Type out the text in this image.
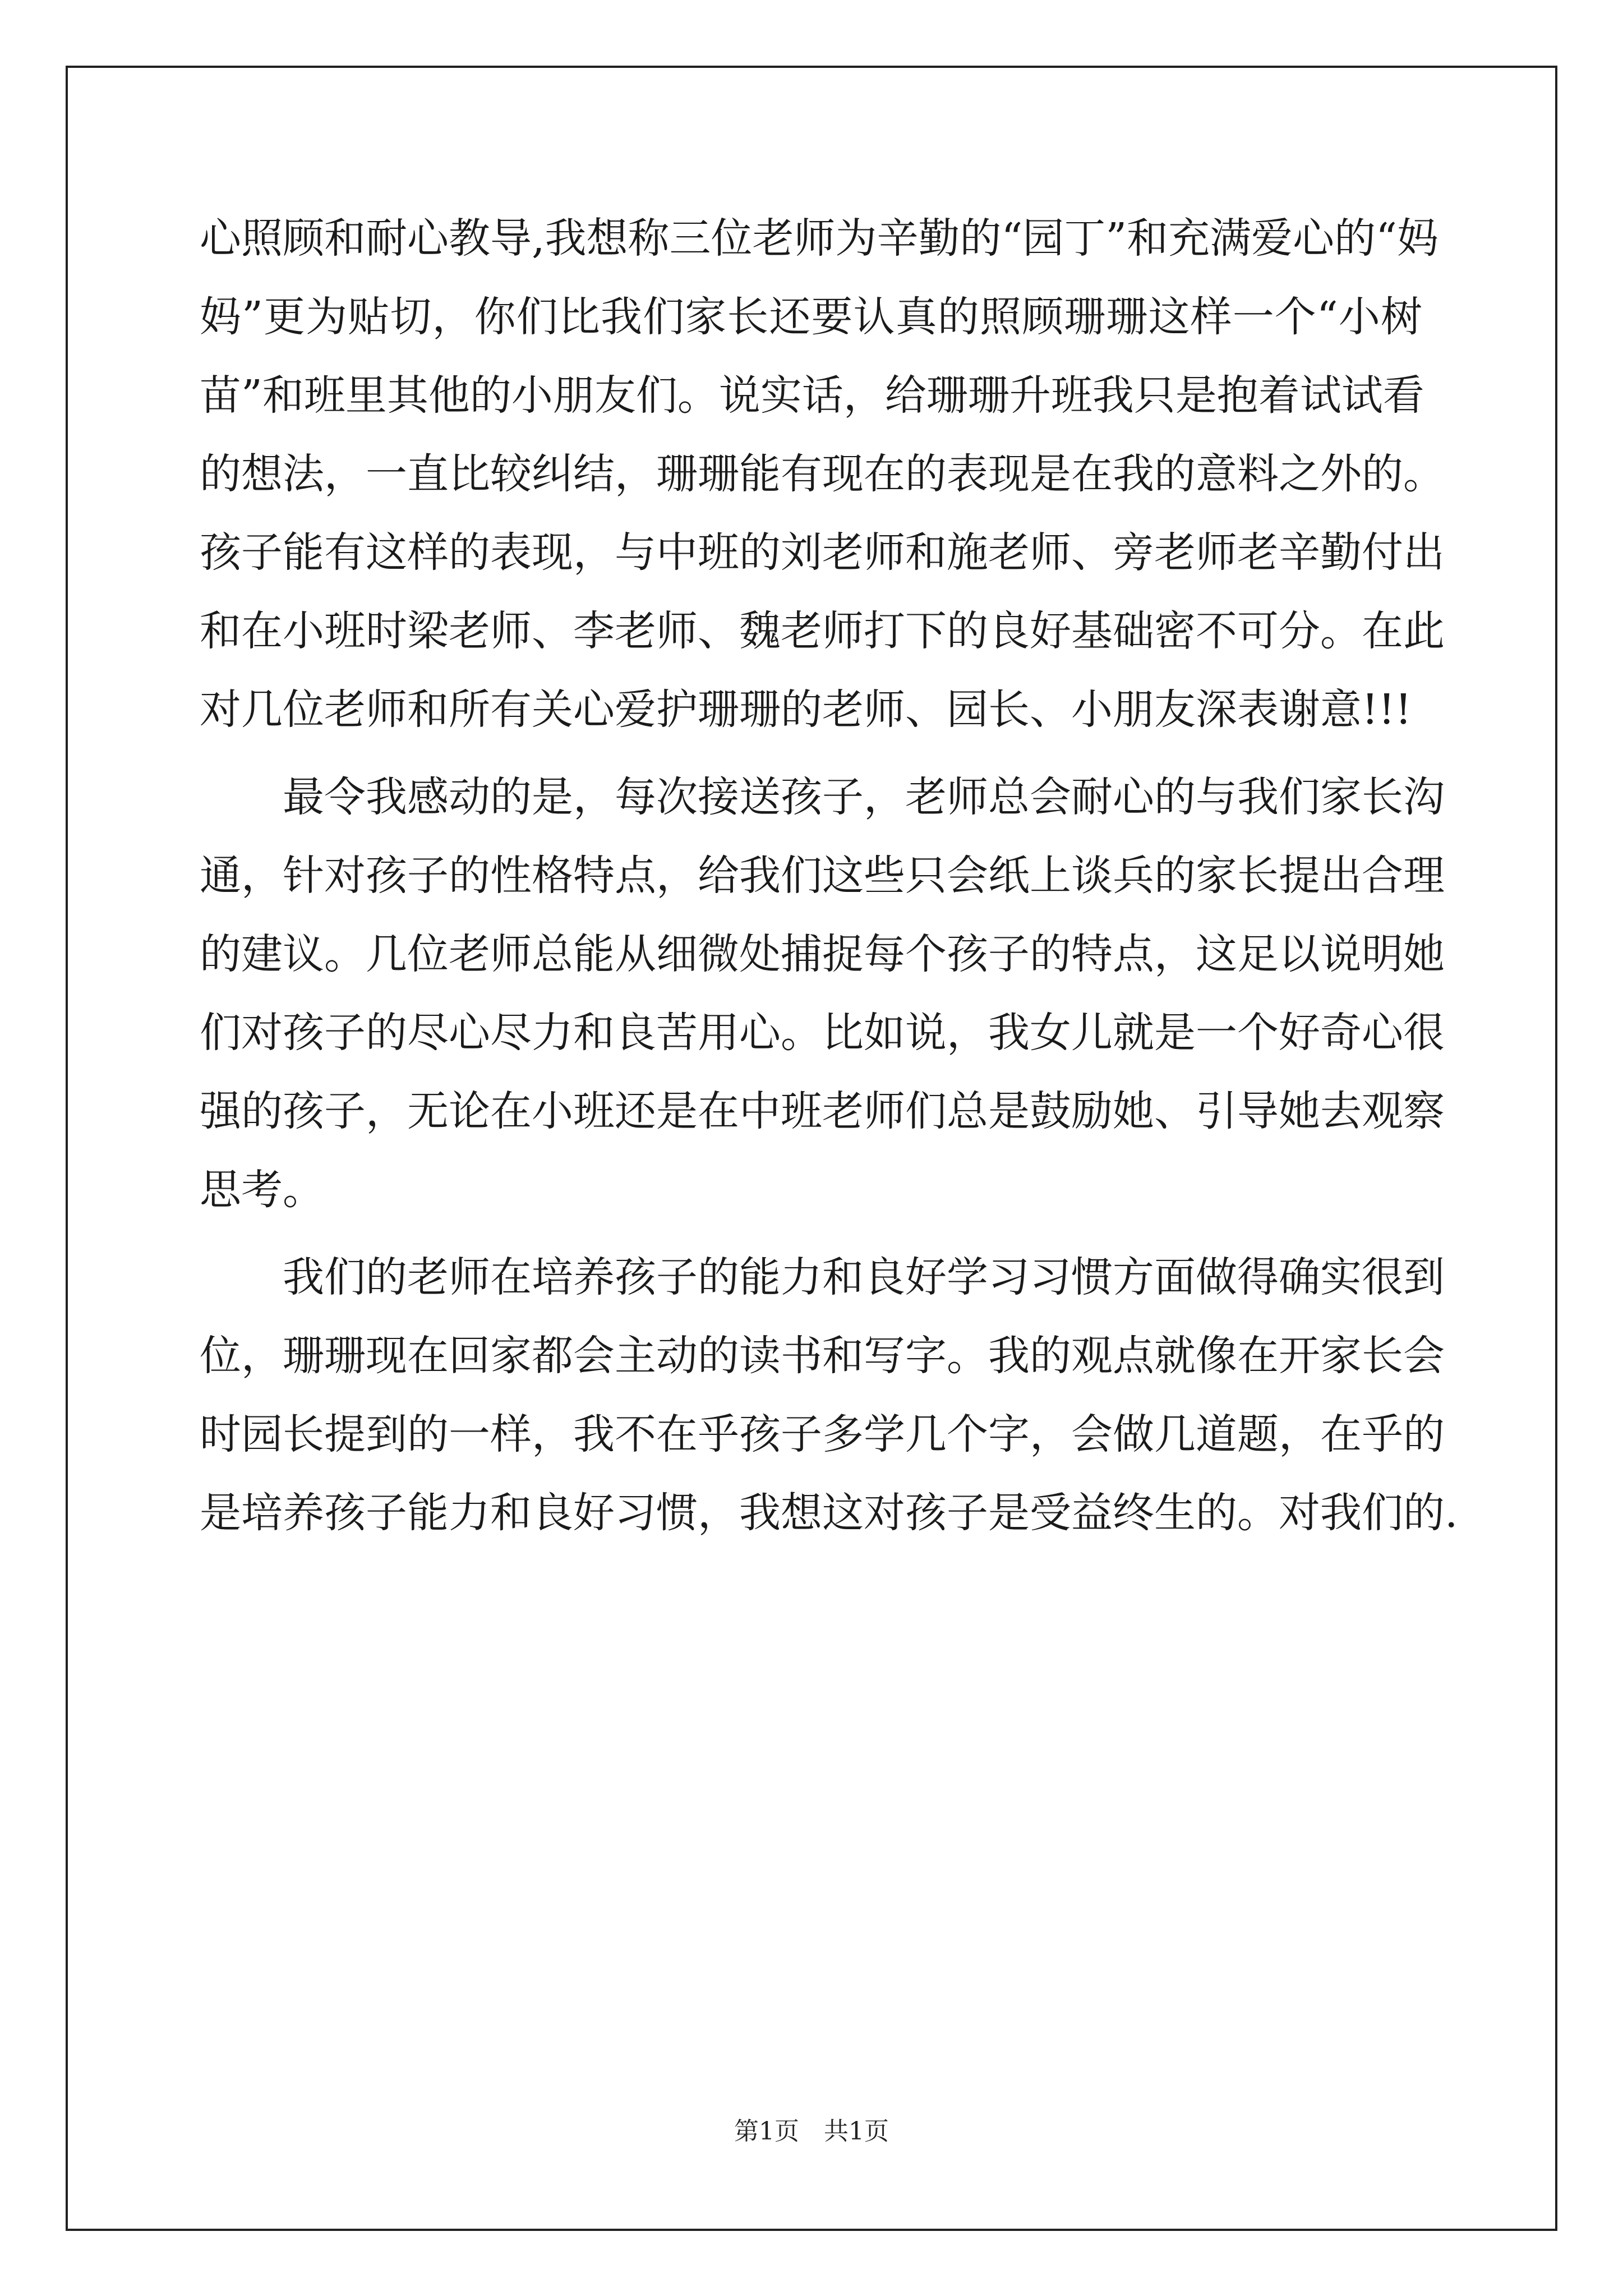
心照顾和耐心教导,我想称三位老师为辛勤的“园丁”和充满爱心的“妈
妈”更为贴切，你们比我们家长还要认真的照顾珊珊这样一个“小树
苗”和班里其他的小朋友们。说实话，给珊珊升班我只是抱着试试看
的想法，一直比较纠结，珊珊能有现在的表现是在我的意料之外的。
孩子能有这样的表现，与中班的刘老师和施老师、旁老师老辛勤付出
和在小班时梁老师、李老师、魏老师打下的良好基础密不可分。在此
对几位老师和所有关心爱护珊珊的老师、园长、小朋友深表谢意!!!
　　最令我感动的是，每次接送孩子，老师总会耐心的与我们家长沟
通，针对孩子的性格特点，给我们这些只会纸上谈兵的家长提出合理
的建议。几位老师总能从细微处捕捉每个孩子的特点，这足以说明她
们对孩子的尽心尽力和良苦用心。比如说，我女儿就是一个好奇心很
强的孩子，无论在小班还是在中班老师们总是鼓励她、引导她去观察
思考。
　　我们的老师在培养孩子的能力和良好学习习惯方面做得确实很到
位，珊珊现在回家都会主动的读书和写字。我的观点就像在开家长会
时园长提到的一样，我不在乎孩子多学几个字，会做几道题，在乎的
是培养孩子能力和良好习惯，我想这对孩子是受益终生的。对我们的.
第1页　共1页
